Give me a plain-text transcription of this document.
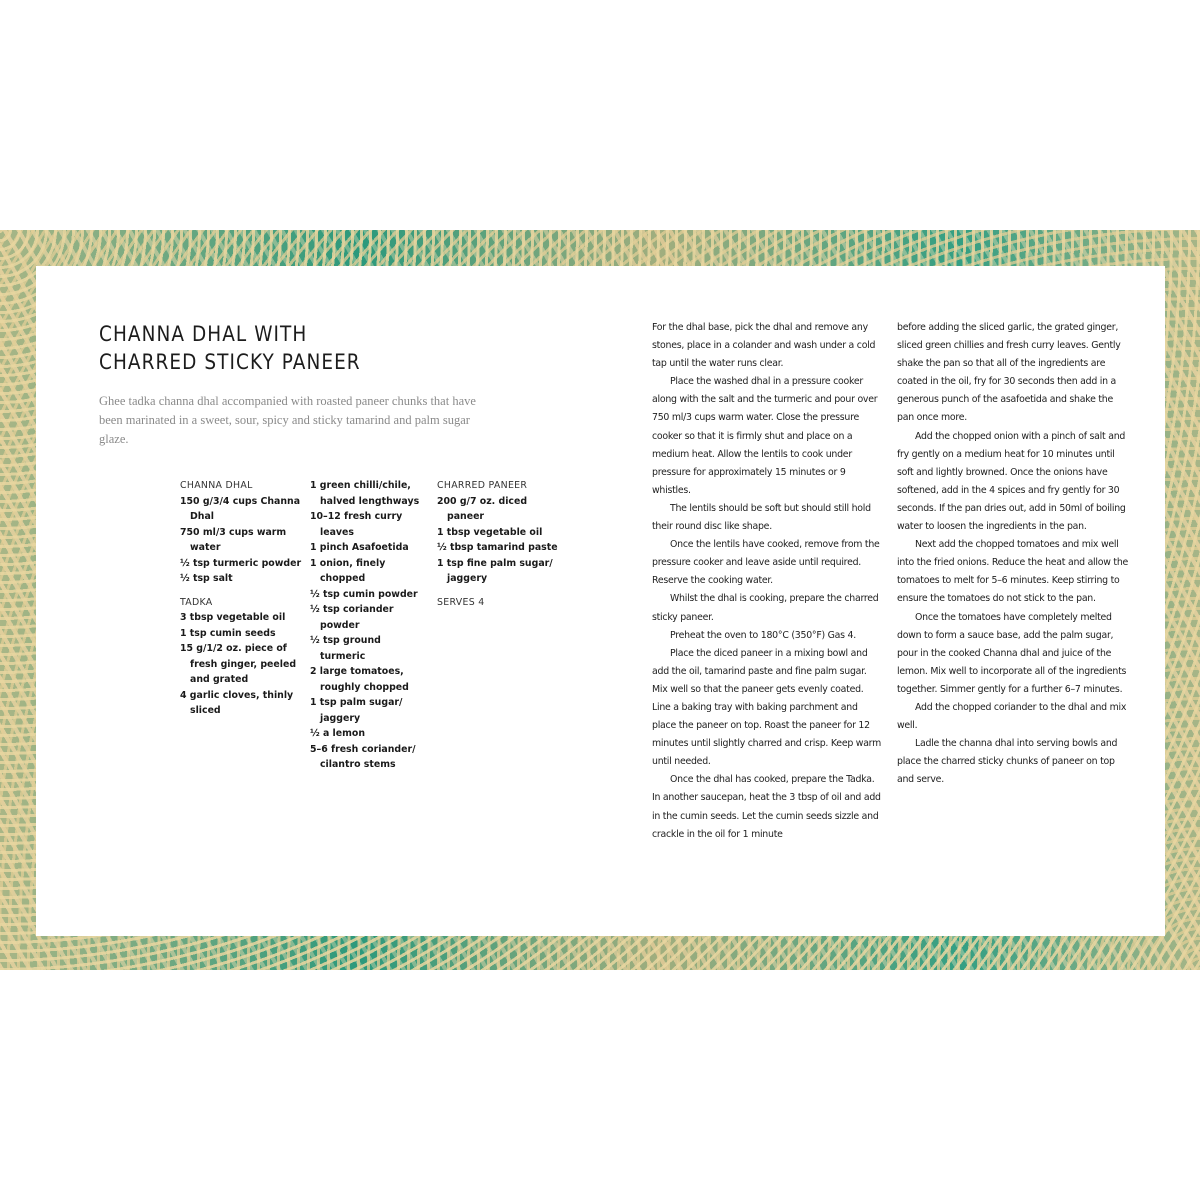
CHANNA DHAL WITH
CHARRED STICKY PANEER

Ghee tadka channa dhal accompanied with roasted paneer chunks that have been marinated in a sweet, sour, spicy and sticky tamarind and palm sugar glaze.

CHANNA DHAL
150 g/3/4 cups Channa Dhal
750 ml/3 cups warm water
½ tsp turmeric powder
½ tsp salt
TADKA
3 tbsp vegetable oil
1 tsp cumin seeds
15 g/1/2 oz. piece of fresh ginger, peeled and grated
4 garlic cloves, thinly sliced
1 green chilli/chile, halved lengthways
10–12 fresh curry leaves
1 pinch Asafoetida
1 onion, finely chopped
½ tsp cumin powder
½ tsp coriander powder
½ tsp ground turmeric
2 large tomatoes, roughly chopped
1 tsp palm sugar/ jaggery
½ a lemon
5–6 fresh coriander/ cilantro stems
CHARRED PANEER
200 g/7 oz. diced paneer
1 tbsp vegetable oil
½ tbsp tamarind paste
1 tsp fine palm sugar/ jaggery
SERVES 4

For the dhal base, pick the dhal and remove any stones, place in a colander and wash under a cold tap until the water runs clear.

Place the washed dhal in a pressure cooker along with the salt and the turmeric and pour over 750 ml/3 cups warm water. Close the pressure cooker so that it is firmly shut and place on a medium heat. Allow the lentils to cook under pressure for approximately 15 minutes or 9 whistles.

The lentils should be soft but should still hold their round disc like shape.

Once the lentils have cooked, remove from the pressure cooker and leave aside until required. Reserve the cooking water.

Whilst the dhal is cooking, prepare the charred sticky paneer.

Preheat the oven to 180°C (350°F) Gas 4.

Place the diced paneer in a mixing bowl and add the oil, tamarind paste and fine palm sugar. Mix well so that the paneer gets evenly coated. Line a baking tray with baking parchment and place the paneer on top. Roast the paneer for 12 minutes until slightly charred and crisp. Keep warm until needed.

Once the dhal has cooked, prepare the Tadka. In another saucepan, heat the 3 tbsp of oil and add in the cumin seeds. Let the cumin seeds sizzle and crackle in the oil for 1 minute

before adding the sliced garlic, the grated ginger, sliced green chillies and fresh curry leaves. Gently shake the pan so that all of the ingredients are coated in the oil, fry for 30 seconds then add in a generous punch of the asafoetida and shake the pan once more.

Add the chopped onion with a pinch of salt and fry gently on a medium heat for 10 minutes until soft and lightly browned. Once the onions have softened, add in the 4 spices and fry gently for 30 seconds. If the pan dries out, add in 50ml of boiling water to loosen the ingredients in the pan.

Next add the chopped tomatoes and mix well into the fried onions. Reduce the heat and allow the tomatoes to melt for 5–6 minutes. Keep stirring to ensure the tomatoes do not stick to the pan.

Once the tomatoes have completely melted down to form a sauce base, add the palm sugar, pour in the cooked Channa dhal and juice of the lemon. Mix well to incorporate all of the ingredients together. Simmer gently for a further 6–7 minutes.

Add the chopped coriander to the dhal and mix well.

Ladle the channa dhal into serving bowls and place the charred sticky chunks of paneer on top and serve.
